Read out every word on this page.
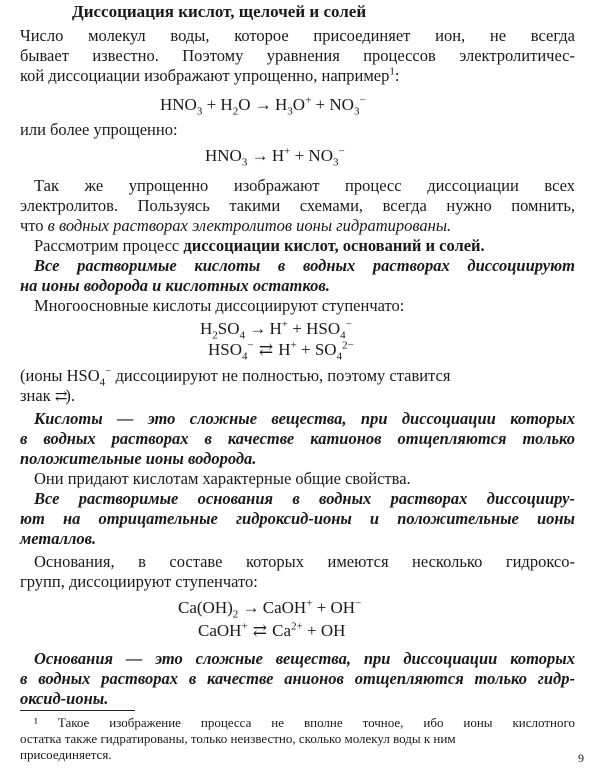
Диссоциация кислот, щелочей и солей
Число молекул воды, которое присоединяет ион, не всегда
бывает известно. Поэтому уравнения процессов электролитичес-
кой диссоциации изображают упрощенно, например$^1$:
$HNO_3 + H_2O \to H_3O^+ + NO_3^-$
или более упрощенно:
$HNO_3 \to H^+ + NO_3^-$
Так же упрощенно изображают процесс диссоциации всех
электролитов. Пользуясь такими схемами, всегда нужно помнить,
что в водных растворах электролитов ионы гидратированы.
Рассмотрим процесс диссоциации кислот, оснований и солей.
Все растворимые кислоты в водных растворах диссоциируют
на ионы водорода и кислотных остатков.
Многоосновные кислоты диссоциируют ступенчато:
$H_2SO_4 \to H^+ + HSO_4^-$
$HSO_4^-$ ⇄ $H^+ + SO_4^{2-}$
(ионы $HSO_4^-$ диссоциируют не полностью, поэтому ставится
знак ⇄).
Кислоты — это сложные вещества, при диссоциации которых
в водных растворах в качестве катионов отщепляются только
положительные ионы водорода.
Они придают кислотам характерные общие свойства.
Все растворимые основания в водных растворах диссоцииру-
ют на отрицательные гидроксид-ионы и положительные ионы
металлов.
Основания, в составе которых имеются несколько гидроксо-
групп, диссоциируют ступенчато:
$Ca(OH)_2$ → CaOH+ + OH−
CaOH+ ⇄ $Ca^{2+}$ + OH
Основания — это сложные вещества, при диссоциации которых
в водных растворах в качестве анионов отщепляются только гидр-
оксид-ионы.
¹ Такое изображение процесса не вполне точное, ибо ионы кислотного
остатка также гидратированы, только неизвестно, сколько молекул воды к ним
присоединяется.	9
